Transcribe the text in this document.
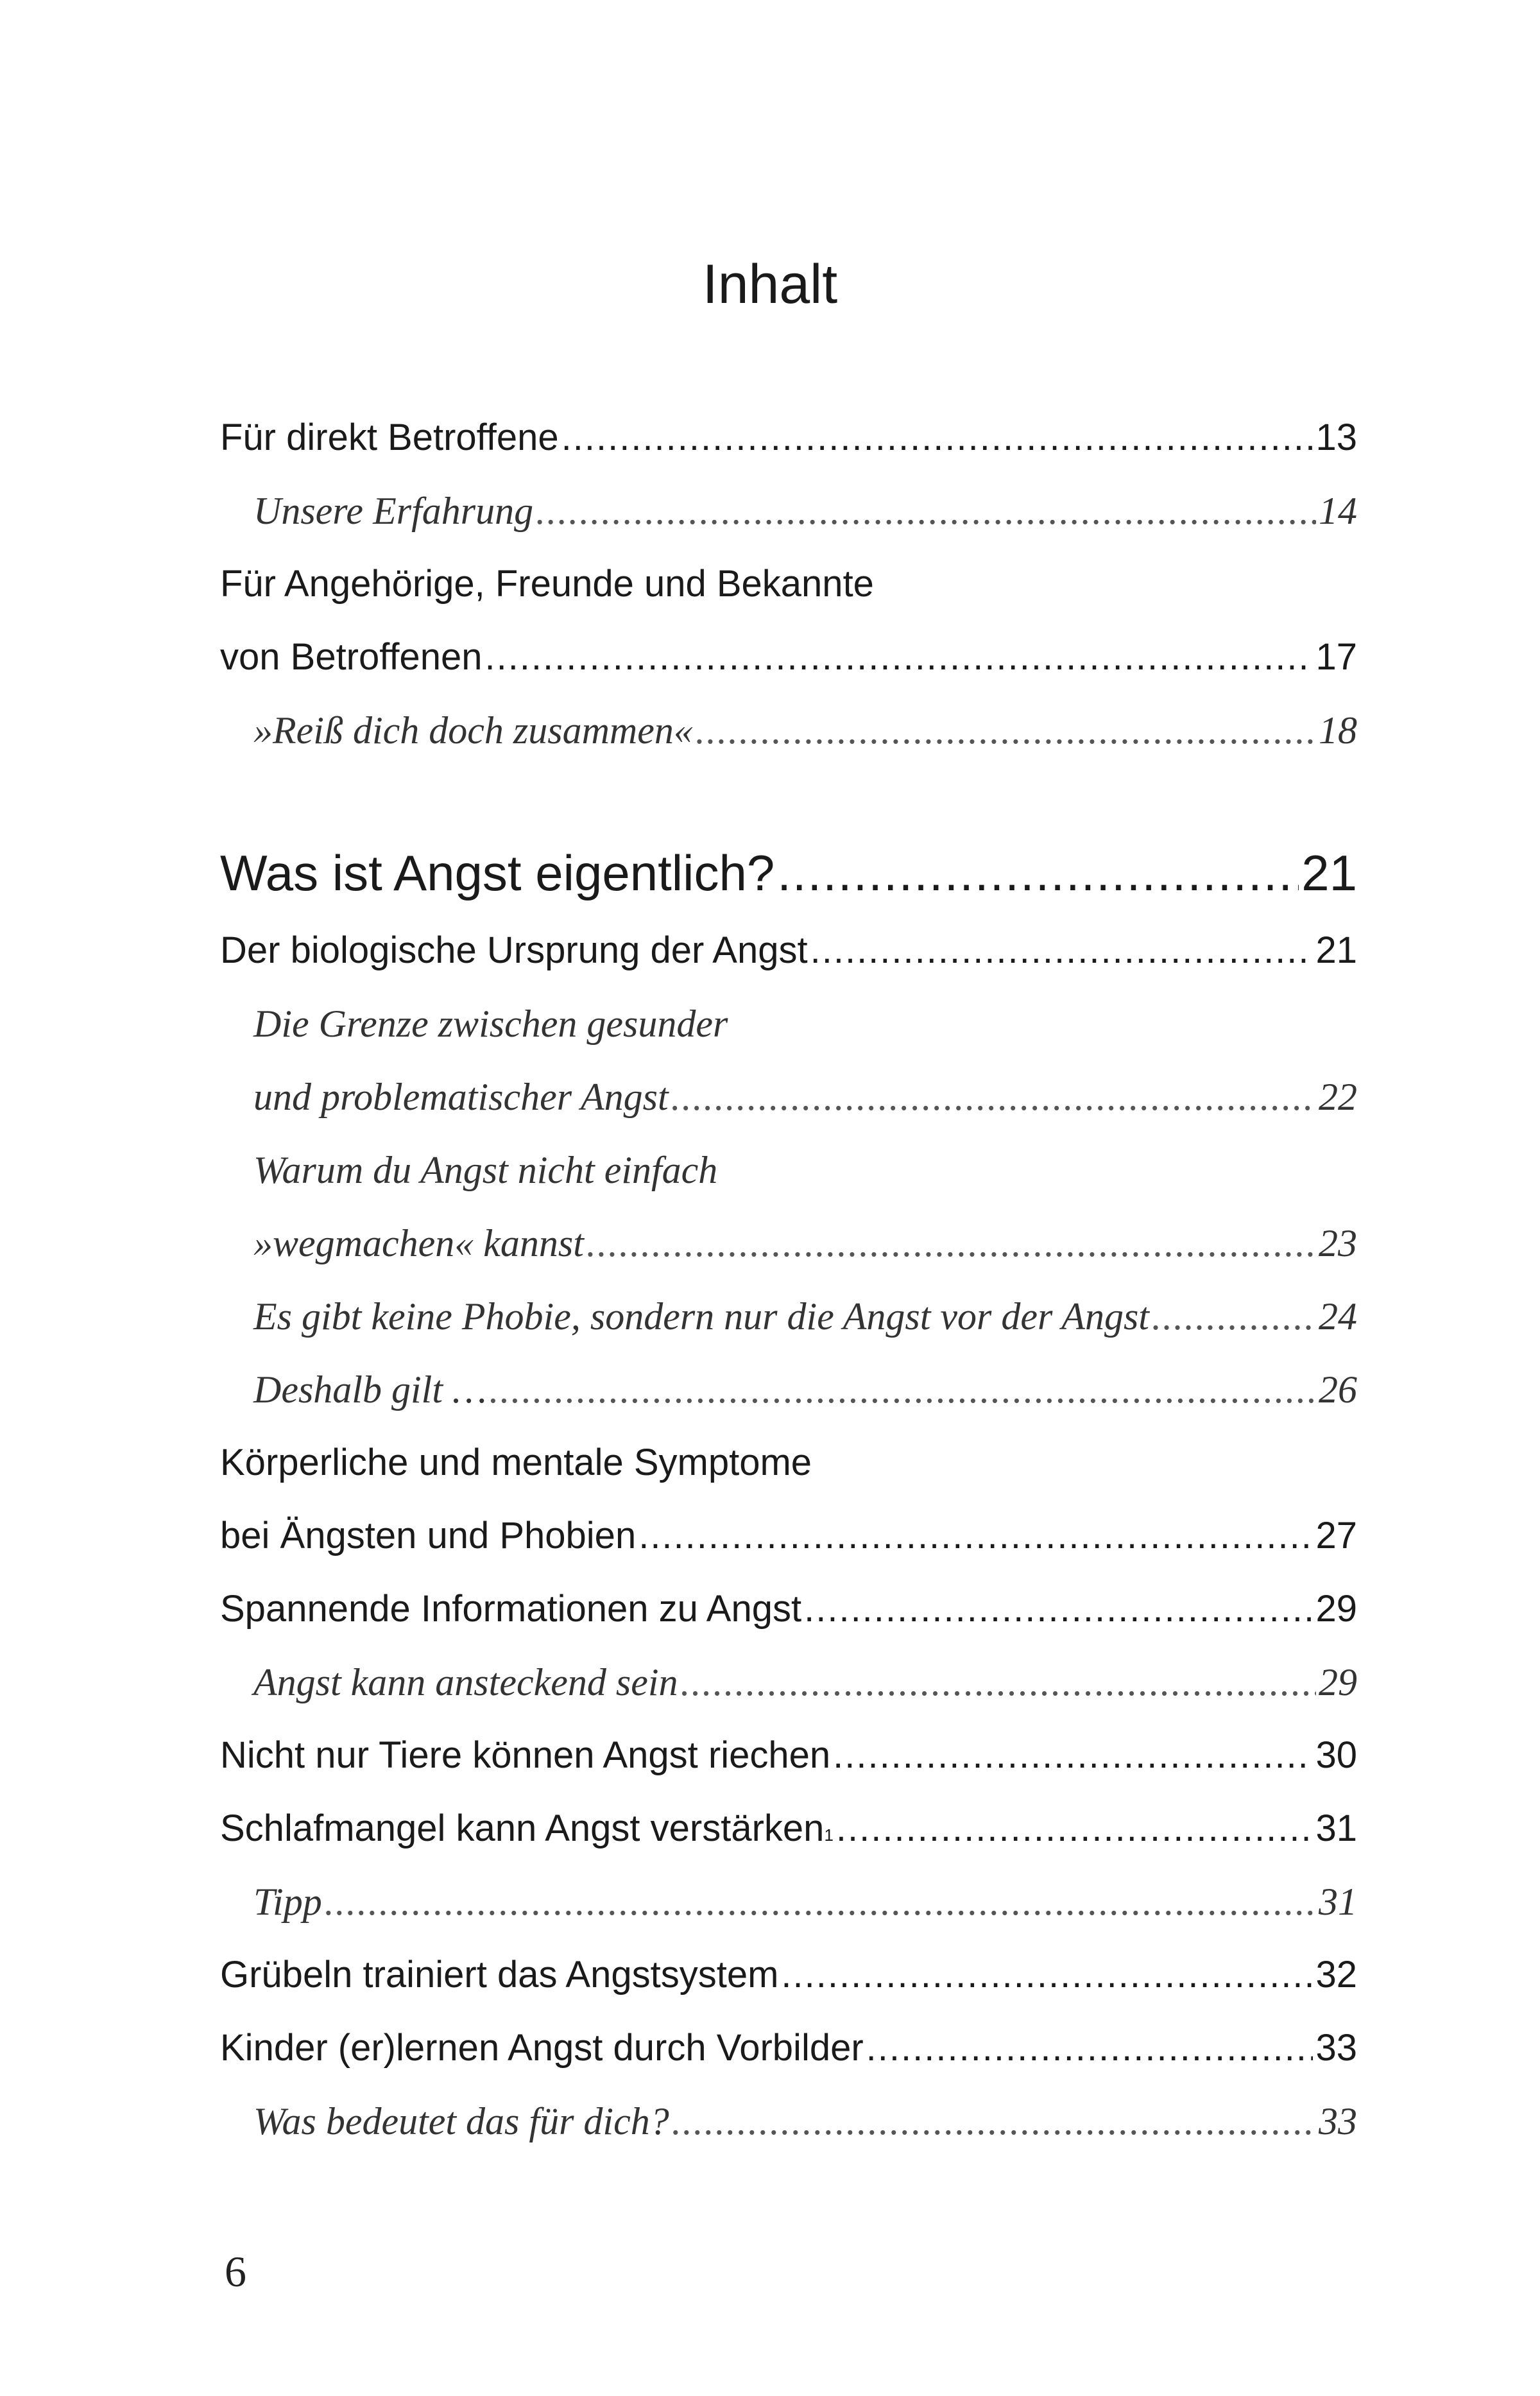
Inhalt
Für direkt Betroffene .....	13
Unsere Erfahrung .....	14
Für Angehörige, Freunde und Bekannte
von Betroffenen .....	17
»Reiß dich doch zusammen« .....	18
Was ist Angst eigentlich? .....	21
Der biologische Ursprung der Angst .....	21
Die Grenze zwischen gesunder
und problematischer Angst .....	22
Warum du Angst nicht einfach
»wegmachen« kannst .....	23
Es gibt keine Phobie, sondern nur die Angst vor der Angst .....	24
Deshalb gilt … .....	26
Körperliche und mentale Symptome
bei Ängsten und Phobien .....	27
Spannende Informationen zu Angst .....	29
Angst kann ansteckend sein .....	29
Nicht nur Tiere können Angst riechen .....	30
Schlafmangel kann Angst verstärken 1 .....	31
Tipp .....	31
Grübeln trainiert das Angstsystem .....	32
Kinder (er)lernen Angst durch Vorbilder .....	33
Was bedeutet das für dich? .....	33
6
